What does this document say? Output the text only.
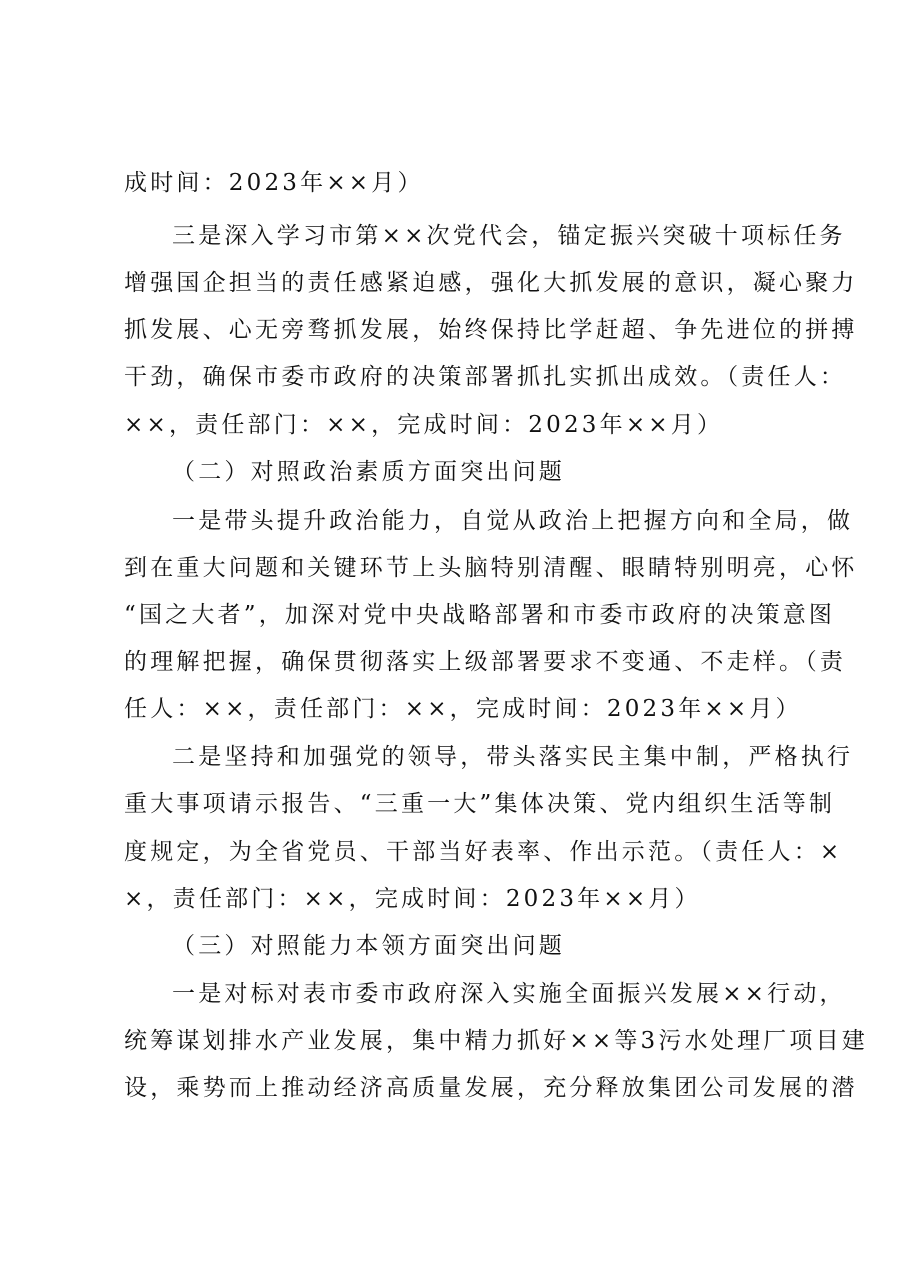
成时间：2023年××月）
三是深入学习市第××次党代会，锚定振兴突破十项标任务
增强国企担当的责任感紧迫感，强化大抓发展的意识，凝心聚力
抓发展、心无旁骛抓发展，始终保持比学赶超、争先进位的拼搏
干劲，确保市委市政府的决策部署抓扎实抓出成效。（责任人：
××，责任部门：××，完成时间：2023年××月）
（二）对照政治素质方面突出问题
一是带头提升政治能力，自觉从政治上把握方向和全局，做
到在重大问题和关键环节上头脑特别清醒、眼睛特别明亮，心怀
“国之大者”，加深对党中央战略部署和市委市政府的决策意图
的理解把握，确保贯彻落实上级部署要求不变通、不走样。（责
任人：××，责任部门：××，完成时间：2023年××月）
二是坚持和加强党的领导，带头落实民主集中制，严格执行
重大事项请示报告、“三重一大”集体决策、党内组织生活等制
度规定，为全省党员、干部当好表率、作出示范。（责任人：×
×，责任部门：××，完成时间：2023年××月）
（三）对照能力本领方面突出问题
一是对标对表市委市政府深入实施全面振兴发展××行动，
统筹谋划排水产业发展，集中精力抓好××等3污水处理厂项目建
设，乘势而上推动经济高质量发展，充分释放集团公司发展的潜
